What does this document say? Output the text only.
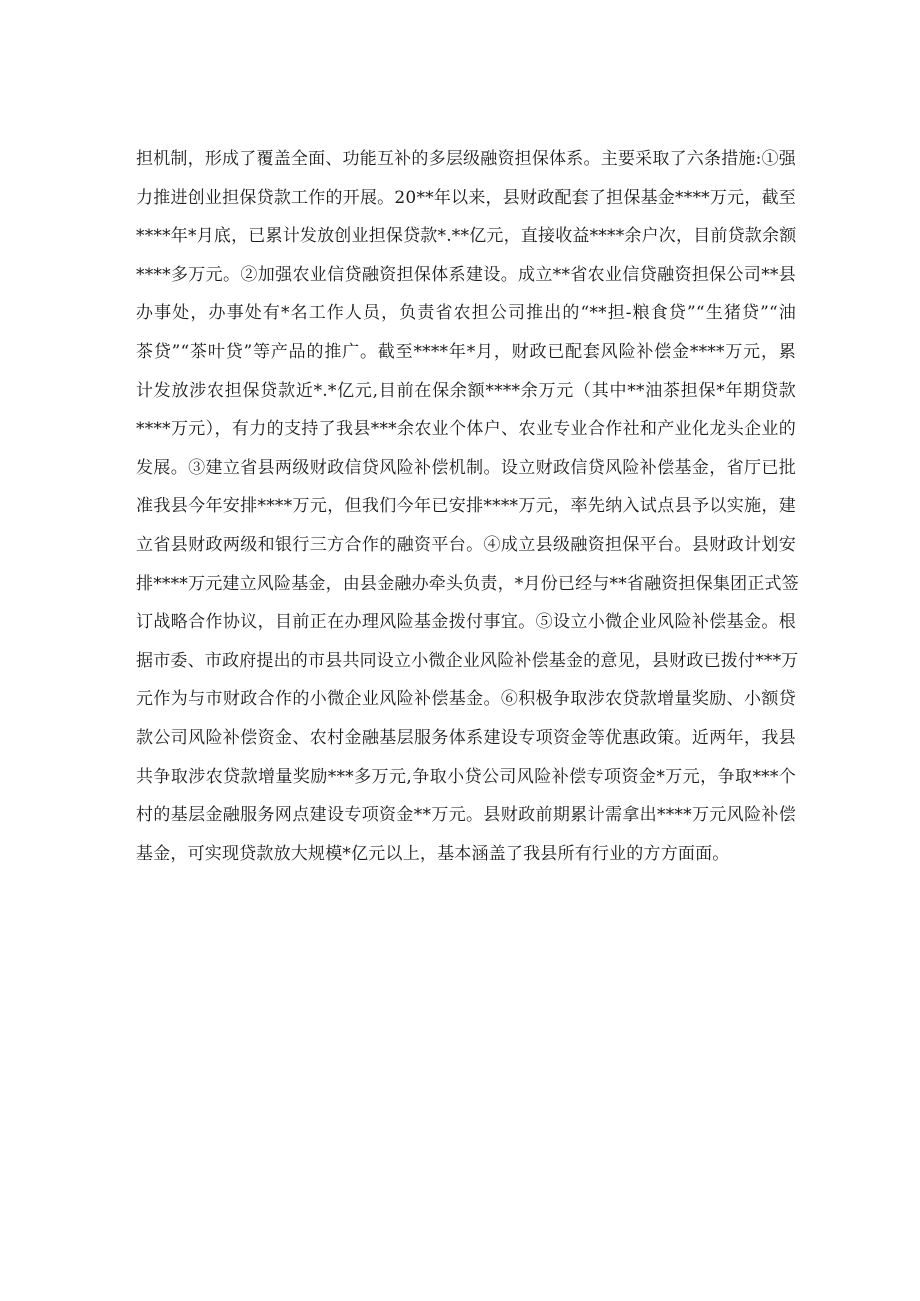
担机制，形成了覆盖全面、功能互补的多层级融资担保体系。主要采取了六条措施:①强
力推进创业担保贷款工作的开展。20**年以来，县财政配套了担保基金****万元，截至
****年*月底，已累计发放创业担保贷款*.**亿元，直接收益****余户次，目前贷款余额
****多万元。②加强农业信贷融资担保体系建设。成立**省农业信贷融资担保公司**县
办事处，办事处有*名工作人员，负责省农担公司推出的“**担-粮食贷”“生猪贷”“油
茶贷”“茶叶贷”等产品的推广。截至****年*月，财政已配套风险补偿金****万元，累
计发放涉农担保贷款近*.*亿元,目前在保余额****余万元（其中**油茶担保*年期贷款
****万元），有力的支持了我县***余农业个体户、农业专业合作社和产业化龙头企业的
发展。③建立省县两级财政信贷风险补偿机制。设立财政信贷风险补偿基金，省厅已批
准我县今年安排****万元，但我们今年已安排****万元，率先纳入试点县予以实施，建
立省县财政两级和银行三方合作的融资平台。④成立县级融资担保平台。县财政计划安
排****万元建立风险基金，由县金融办牵头负责，*月份已经与**省融资担保集团正式签
订战略合作协议，目前正在办理风险基金拨付事宜。⑤设立小微企业风险补偿基金。根
据市委、市政府提出的市县共同设立小微企业风险补偿基金的意见，县财政已拨付***万
元作为与市财政合作的小微企业风险补偿基金。⑥积极争取涉农贷款增量奖励、小额贷
款公司风险补偿资金、农村金融基层服务体系建设专项资金等优惠政策。近两年，我县
共争取涉农贷款增量奖励***多万元,争取小贷公司风险补偿专项资金*万元，争取***个
村的基层金融服务网点建设专项资金**万元。县财政前期累计需拿出****万元风险补偿
基金，可实现贷款放大规模*亿元以上，基本涵盖了我县所有行业的方方面面。
